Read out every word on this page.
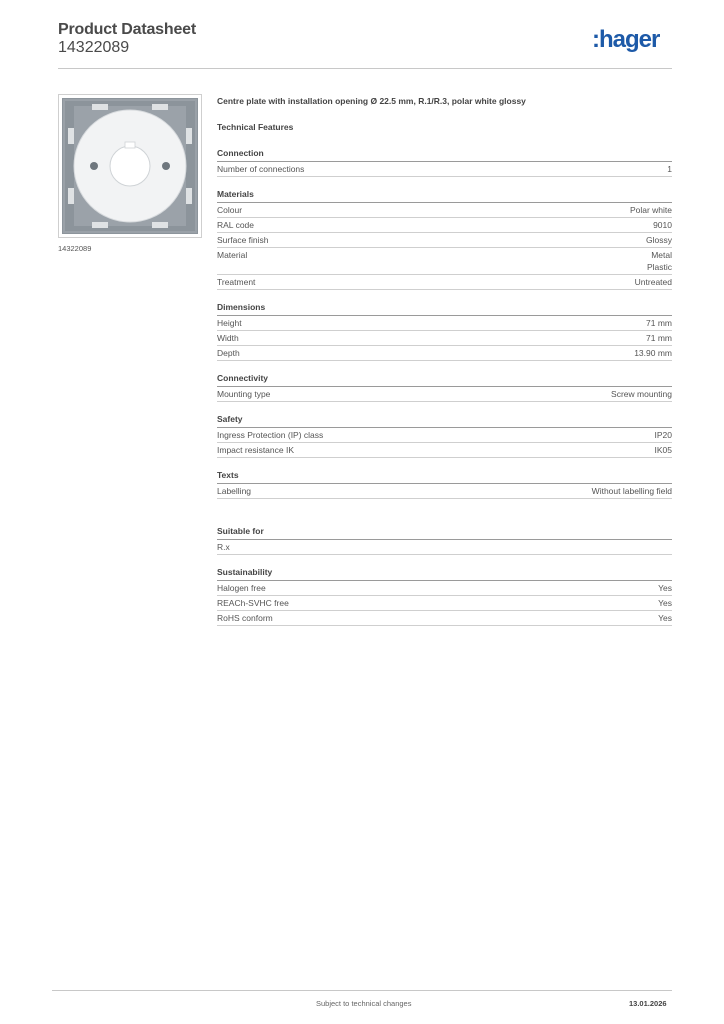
Product Datasheet
14322089	:hager
14322089
Centre plate with installation opening Ø 22.5 mm, R.1/R.3, polar white glossy
Technical Features
Connection
Number of connections	1
Materials
Colour	Polar white
RAL code	9010
Surface finish	Glossy
Material	Metal
Plastic
Treatment	Untreated
Dimensions
Height	71 mm
Width	71 mm
Depth	13.90 mm
Connectivity
Mounting type	Screw mounting
Safety
Ingress Protection (IP) class	IP20
Impact resistance IK	IK05
Texts
Labelling	Without labelling field
Suitable for
R.x
Sustainability
Halogen free	Yes
REACh-SVHC free	Yes
RoHS conform	Yes
Subject to technical changes	13.01.2026
